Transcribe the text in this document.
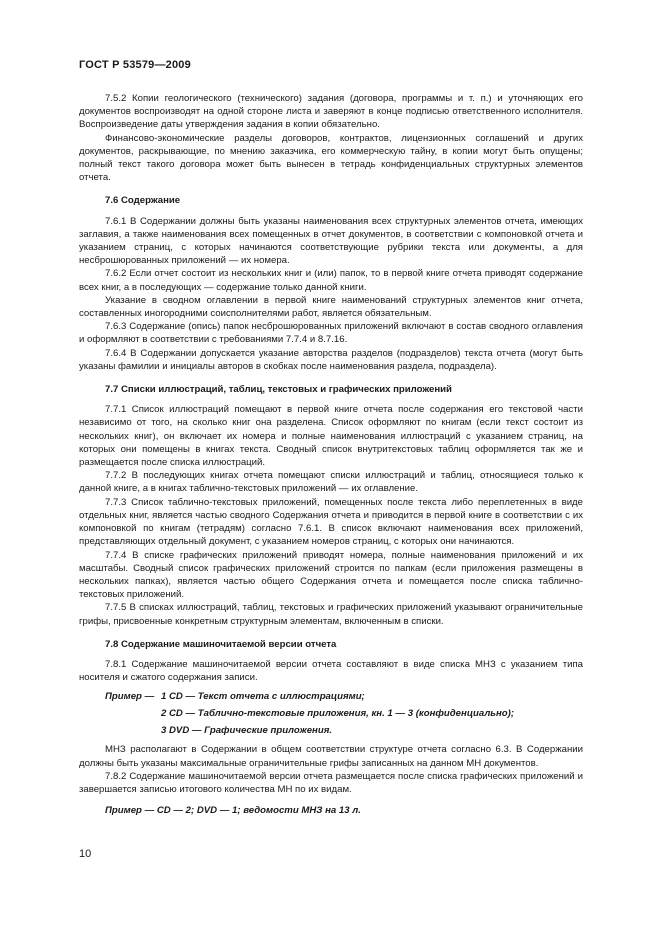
ГОСТ Р 53579—2009

7.5.2 Копии геологического (технического) задания (договора, программы и т. п.) и уточняющих его документов воспроизводят на одной стороне листа и заверяют в конце подписью ответственного исполнителя. Воспроизведение даты утверждения задания в копии обязательно.

Финансово-экономические разделы договоров, контрактов, лицензионных соглашений и других документов, раскрывающие, по мнению заказчика, его коммерческую тайну, в копии могут быть опущены; полный текст такого договора может быть вынесен в тетрадь конфиденциальных структурных элементов отчета.

7.6 Содержание

7.6.1 В Содержании должны быть указаны наименования всех структурных элементов отчета, имеющих заглавия, а также наименования всех помещенных в отчет документов, в соответствии с компоновкой отчета и указанием страниц, с которых начинаются соответствующие рубрики текста или документы, а для несброшюрованных приложений — их номера.

7.6.2 Если отчет состоит из нескольких книг и (или) папок, то в первой книге отчета приводят содержание всех книг, а в последующих — содержание только данной книги.

Указание в сводном оглавлении в первой книге наименований структурных элементов книг отчета, составленных иногородними соисполнителями работ, является обязательным.

7.6.3 Содержание (опись) папок несброшюрованных приложений включают в состав сводного оглавления и оформляют в соответствии с требованиями 7.7.4 и 8.7.16.

7.6.4 В Содержании допускается указание авторства разделов (подразделов) текста отчета (могут быть указаны фамилии и инициалы авторов в скобках после наименования раздела, подраздела).

7.7 Списки иллюстраций, таблиц, текстовых и графических приложений

7.7.1 Список иллюстраций помещают в первой книге отчета после содержания его текстовой части независимо от того, на сколько книг она разделена. Список оформляют по книгам (если текст состоит из нескольких книг), он включает их номера и полные наименования иллюстраций с указанием страниц, на которых они помещены в книгах текста. Сводный список внутритекстовых таблиц оформляется так же и размещается после списка иллюстраций.

7.7.2 В последующих книгах отчета помещают списки иллюстраций и таблиц, относящиеся только к данной книге, а в книгах таблично-текстовых приложений — их оглавление.

7.7.3 Список таблично-текстовых приложений, помещенных после текста либо переплетенных в виде отдельных книг, является частью сводного Содержания отчета и приводится в первой книге в соответствии с их компоновкой по книгам (тетрадям) согласно 7.6.1. В список включают наименования всех приложений, представляющих отдельный документ, с указанием номеров страниц, с которых они начинаются.

7.7.4 В списке графических приложений приводят номера, полные наименования приложений и их масштабы. Сводный список графических приложений строится по папкам (если приложения размещены в нескольких папках), является частью общего Содержания отчета и помещается после списка таблично-текстовых приложений.

7.7.5 В списках иллюстраций, таблиц, текстовых и графических приложений указывают ограничительные грифы, присвоенные конкретным структурным элементам, включенным в списки.

7.8 Содержание машиночитаемой версии отчета

7.8.1 Содержание машиночитаемой версии отчета составляют в виде списка МНЗ с указанием типа носителя и сжатого содержания записи.

Пример — 1 CD — Текст отчета с иллюстрациями;
2 CD — Таблично-текстовые приложения, кн. 1 — 3 (конфиденциально);
3 DVD — Графические приложения.

МНЗ располагают в Содержании в общем соответствии структуре отчета согласно 6.3. В Содержании должны быть указаны максимальные ограничительные грифы записанных на данном МН документов.

7.8.2 Содержание машиночитаемой версии отчета размещается после списка графических приложений и завершается записью итогового количества МН по их видам.

Пример — CD — 2; DVD — 1; ведомости МНЗ на 13 л.

10
